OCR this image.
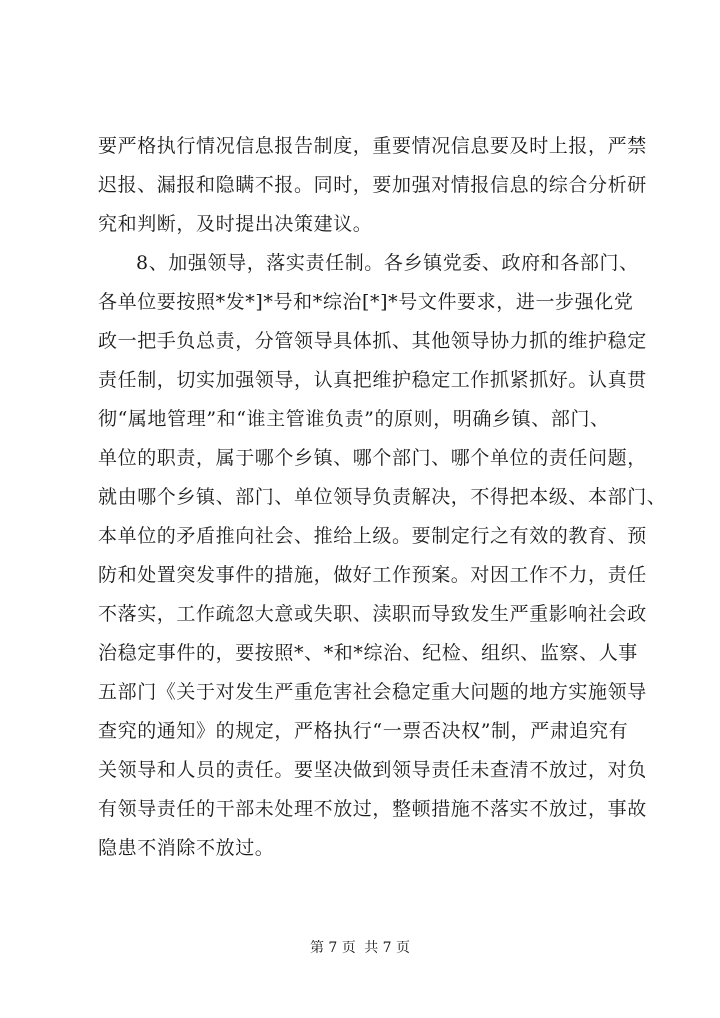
要严格执行情况信息报告制度，重要情况信息要及时上报，严禁
迟报、漏报和隐瞒不报。同时，要加强对情报信息的综合分析研
究和判断，及时提出决策建议。
8、加强领导，落实责任制。各乡镇党委、政府和各部门、
各单位要按照*发*]*号和*综治[*]*号文件要求，进一步强化党
政一把手负总责，分管领导具体抓、其他领导协力抓的维护稳定
责任制，切实加强领导，认真把维护稳定工作抓紧抓好。认真贯
彻“属地管理”和“谁主管谁负责”的原则，明确乡镇、部门、
单位的职责，属于哪个乡镇、哪个部门、哪个单位的责任问题，
就由哪个乡镇、部门、单位领导负责解决，不得把本级、本部门、
本单位的矛盾推向社会、推给上级。要制定行之有效的教育、预
防和处置突发事件的措施，做好工作预案。对因工作不力，责任
不落实，工作疏忽大意或失职、渎职而导致发生严重影响社会政
治稳定事件的，要按照*、*和*综治、纪检、组织、监察、人事
五部门《关于对发生严重危害社会稳定重大问题的地方实施领导
查究的通知》的规定，严格执行“一票否决权”制，严肃追究有
关领导和人员的责任。要坚决做到领导责任未查清不放过，对负
有领导责任的干部未处理不放过，整顿措施不落实不放过，事故
隐患不消除不放过。
第 7 页 共 7 页
